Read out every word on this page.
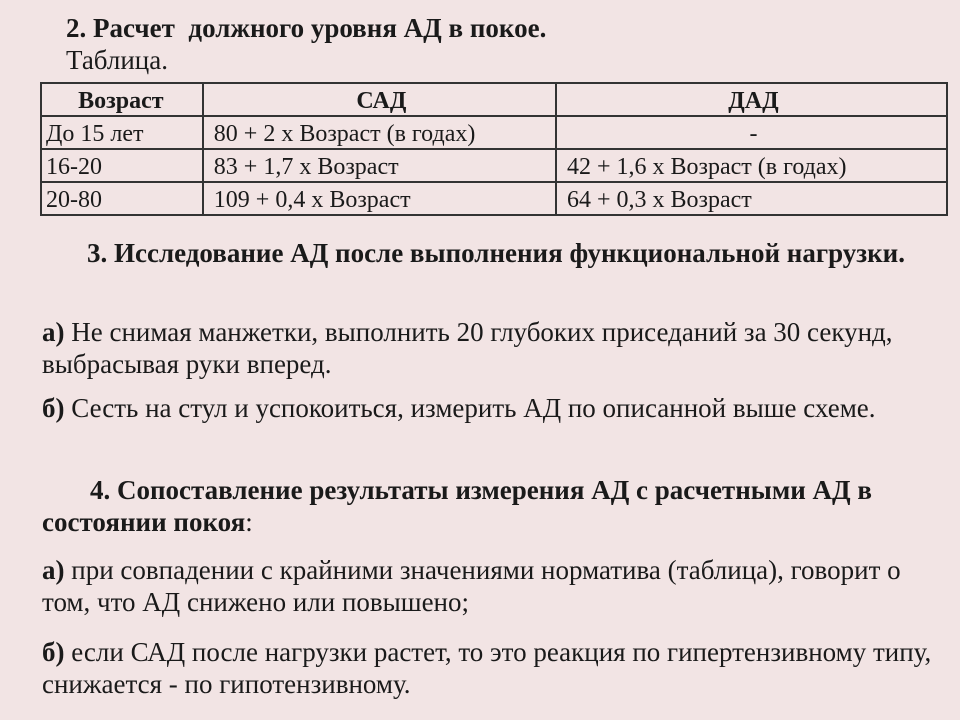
2. Расчет  должного уровня АД в покое.
Таблица.
Возраст	САД	ДАД
До 15 лет	80 + 2 х Возраст (в годах)	-
16-20	83 + 1,7 х Возраст	42 + 1,6 х Возраст (в годах)
20-80	109 + 0,4 х Возраст	64 + 0,3 х Возраст
3. Исследование АД после выполнения функциональной нагрузки.
а) Не снимая манжетки, выполнить 20 глубоких приседаний за 30 секунд, выбрасывая руки вперед.
б) Сесть на стул и успокоиться, измерить АД по описанной выше схеме.
4. Сопоставление результаты измерения АД с расчетными АД в состоянии покоя:
а) при совпадении с крайними значениями норматива (таблица), говорит о том, что АД снижено или повышено;
б) если САД после нагрузки растет, то это реакция по гипертензивному типу, снижается - по гипотензивному.
